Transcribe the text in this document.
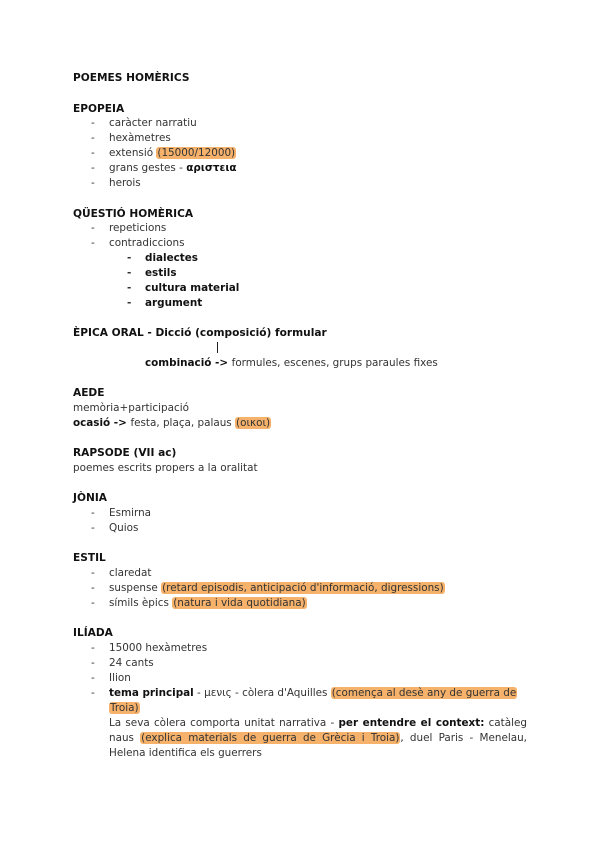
POEMES HOMÈRICS
EPOPEIA
- caràcter narratiu
- hexàmetres
- extensió (15000/12000)
- grans gestes - αριστεια
- herois
QÜESTIÓ HOMÈRICA
- repeticions
- contradiccions
- dialectes
- estils
- cultura material
- argument
ÈPICA ORAL - Dicció (composició) formular
combinació -> formules, escenes, grups paraules fixes
AEDE
memòria+participació
ocasió -> festa, plaça, palaus (οικοι)
RAPSODE (VII ac)
poemes escrits propers a la oralitat
JÒNIA
- Esmirna
- Quios
ESTIL
- claredat
- suspense (retard episodis, anticipació d'informació, digressions)
- símils èpics (natura i vida quotidiana)
ILÍADA
- 15000 hexàmetres
- 24 cants
- Ilion
- tema principal - μενις - còlera d'Aquilles (comença al desè any de guerra de
Troia)
La seva còlera comporta unitat narrativa - per entendre el context: catàleg naus (explica materials de guerra de Grècia i Troia), duel Paris - Menelau, Helena identifica els guerrers
